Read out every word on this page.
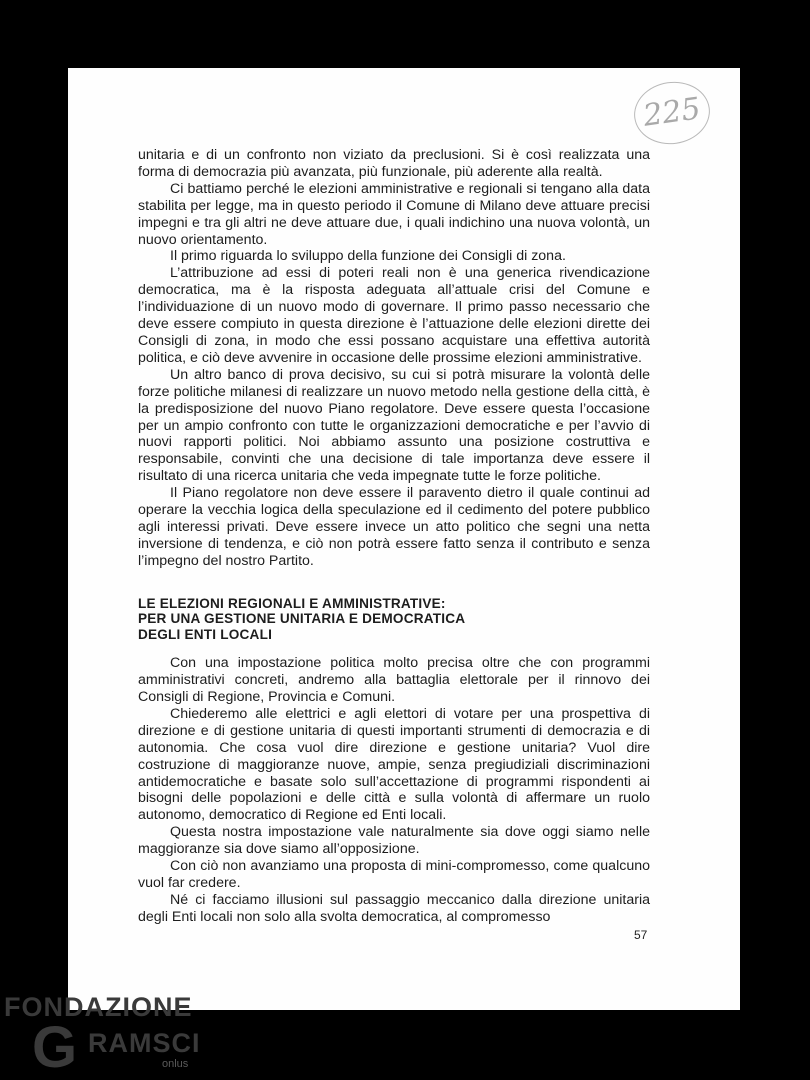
225

unitaria e di un confronto non viziato da preclusioni. Si è così realizzata una forma di democrazia più avanzata, più funzionale, più aderente alla realtà.

Ci battiamo perché le elezioni amministrative e regionali si tengano alla data stabilita per legge, ma in questo periodo il Comune di Milano deve attuare precisi impegni e tra gli altri ne deve attuare due, i quali indichino una nuova volontà, un nuovo orientamento.

Il primo riguarda lo sviluppo della funzione dei Consigli di zona.

L’attribuzione ad essi di poteri reali non è una generica rivendicazione democratica, ma è la risposta adeguata all’attuale crisi del Comune e l’individuazione di un nuovo modo di governare. Il primo passo necessario che deve essere compiuto in questa direzione è l’attuazione delle elezioni dirette dei Consigli di zona, in modo che essi possano acquistare una effettiva autorità politica, e ciò deve avvenire in occasione delle prossime elezioni amministrative.

Un altro banco di prova decisivo, su cui si potrà misurare la volontà delle forze politiche milanesi di realizzare un nuovo metodo nella gestione della città, è la predisposizione del nuovo Piano regolatore. Deve essere questa l’occasione per un ampio confronto con tutte le organizzazioni democratiche e per l’avvio di nuovi rapporti politici. Noi abbiamo assunto una posizione costruttiva e responsabile, convinti che una decisione di tale importanza deve essere il risultato di una ricerca unitaria che veda impegnate tutte le forze politiche.

Il Piano regolatore non deve essere il paravento dietro il quale continui ad operare la vecchia logica della speculazione ed il cedimento del potere pubblico agli interessi privati. Deve essere invece un atto politico che segni una netta inversione di tendenza, e ciò non potrà essere fatto senza il contributo e senza l’impegno del nostro Partito.

LE ELEZIONI REGIONALI E AMMINISTRATIVE:
PER UNA GESTIONE UNITARIA E DEMOCRATICA
DEGLI ENTI LOCALI

Con una impostazione politica molto precisa oltre che con programmi amministrativi concreti, andremo alla battaglia elettorale per il rinnovo dei Consigli di Regione, Provincia e Comuni.

Chiederemo alle elettrici e agli elettori di votare per una prospettiva di direzione e di gestione unitaria di questi importanti strumenti di democrazia e di autonomia. Che cosa vuol dire direzione e gestione unitaria? Vuol dire costruzione di maggioranze nuove, ampie, senza pregiudiziali discriminazioni antidemocratiche e basate solo sull’accettazione di programmi rispondenti ai bisogni delle popolazioni e delle città e sulla volontà di affermare un ruolo autonomo, democratico di Regione ed Enti locali.

Questa nostra impostazione vale naturalmente sia dove oggi siamo nelle maggioranze sia dove siamo all’opposizione.

Con ciò non avanziamo una proposta di mini-compromesso, come qualcuno vuol far credere.

Né ci facciamo illusioni sul passaggio meccanico dalla direzione unitaria degli Enti locali non solo alla svolta democratica, al compromesso

57
FONDAZIONE
G RAMSCI
onlus
